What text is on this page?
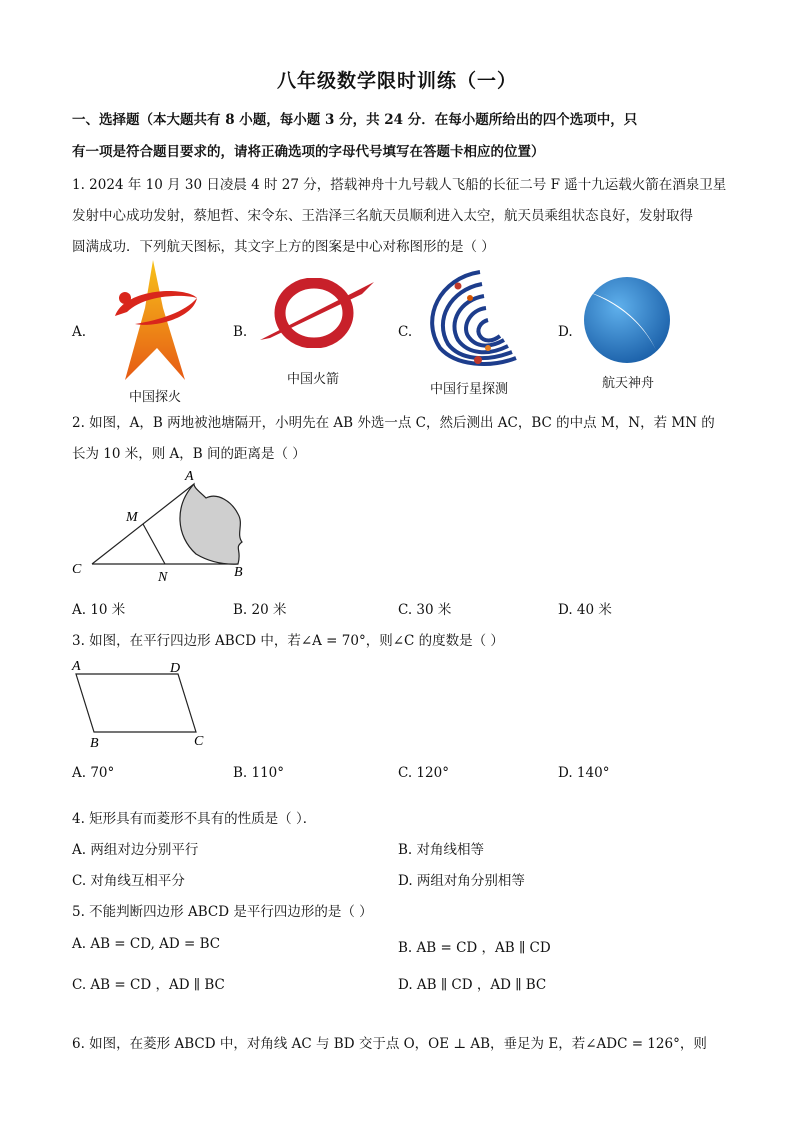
八年级数学限时训练（一）
一、选择题（本大题共有 8 小题，每小题 3 分，共 24 分．在每小题所给出的四个选项中，只
有一项是符合题目要求的，请将正确选项的字母代号填写在答题卡相应的位置）
1. 2024 年 10 月 30 日凌晨 4 时 27 分，搭载神舟十九号载人飞船的长征二号 F 遥十九运载火箭在酒泉卫星
发射中心成功发射，蔡旭哲、宋令东、王浩泽三名航天员顺利进入太空，航天员乘组状态良好，发射取得
圆满成功．下列航天图标，其文字上方的图案是中心对称图形的是（ ）
A.
中国探火
B.
中国火箭
C.
中国行星探测
D.
航天神舟
2. 如图，A，B 两地被池塘隔开，小明先在 AB 外选一点 C，然后测出 AC，BC 的中点 M，N，若 MN 的
长为 10 米，则 A，B 间的距离是（ ）
A
M
C
N	B
A. 10 米	B. 20 米	C. 30 米	D. 40 米
3. 如图，在平行四边形 ABCD 中，若∠A = 70°，则∠C 的度数是（ ）
A	D
B	C
A. 70°	B. 110°	C. 120°	D. 140°
4. 矩形具有而菱形不具有的性质是（ ）．
A. 两组对边分别平行	B. 对角线相等
C. 对角线互相平分	D. 两组对角分别相等
5. 不能判断四边形 ABCD 是平行四边形的是（ ）
A. AB = CD, AD = BC	B. AB = CD ，AB ∥ CD
C. AB = CD ，AD ∥ BC	D. AB ∥ CD ，AD ∥ BC
6. 如图，在菱形 ABCD 中，对角线 AC 与 BD 交于点 O，OE ⊥ AB，垂足为 E，若∠ADC = 126°，则
